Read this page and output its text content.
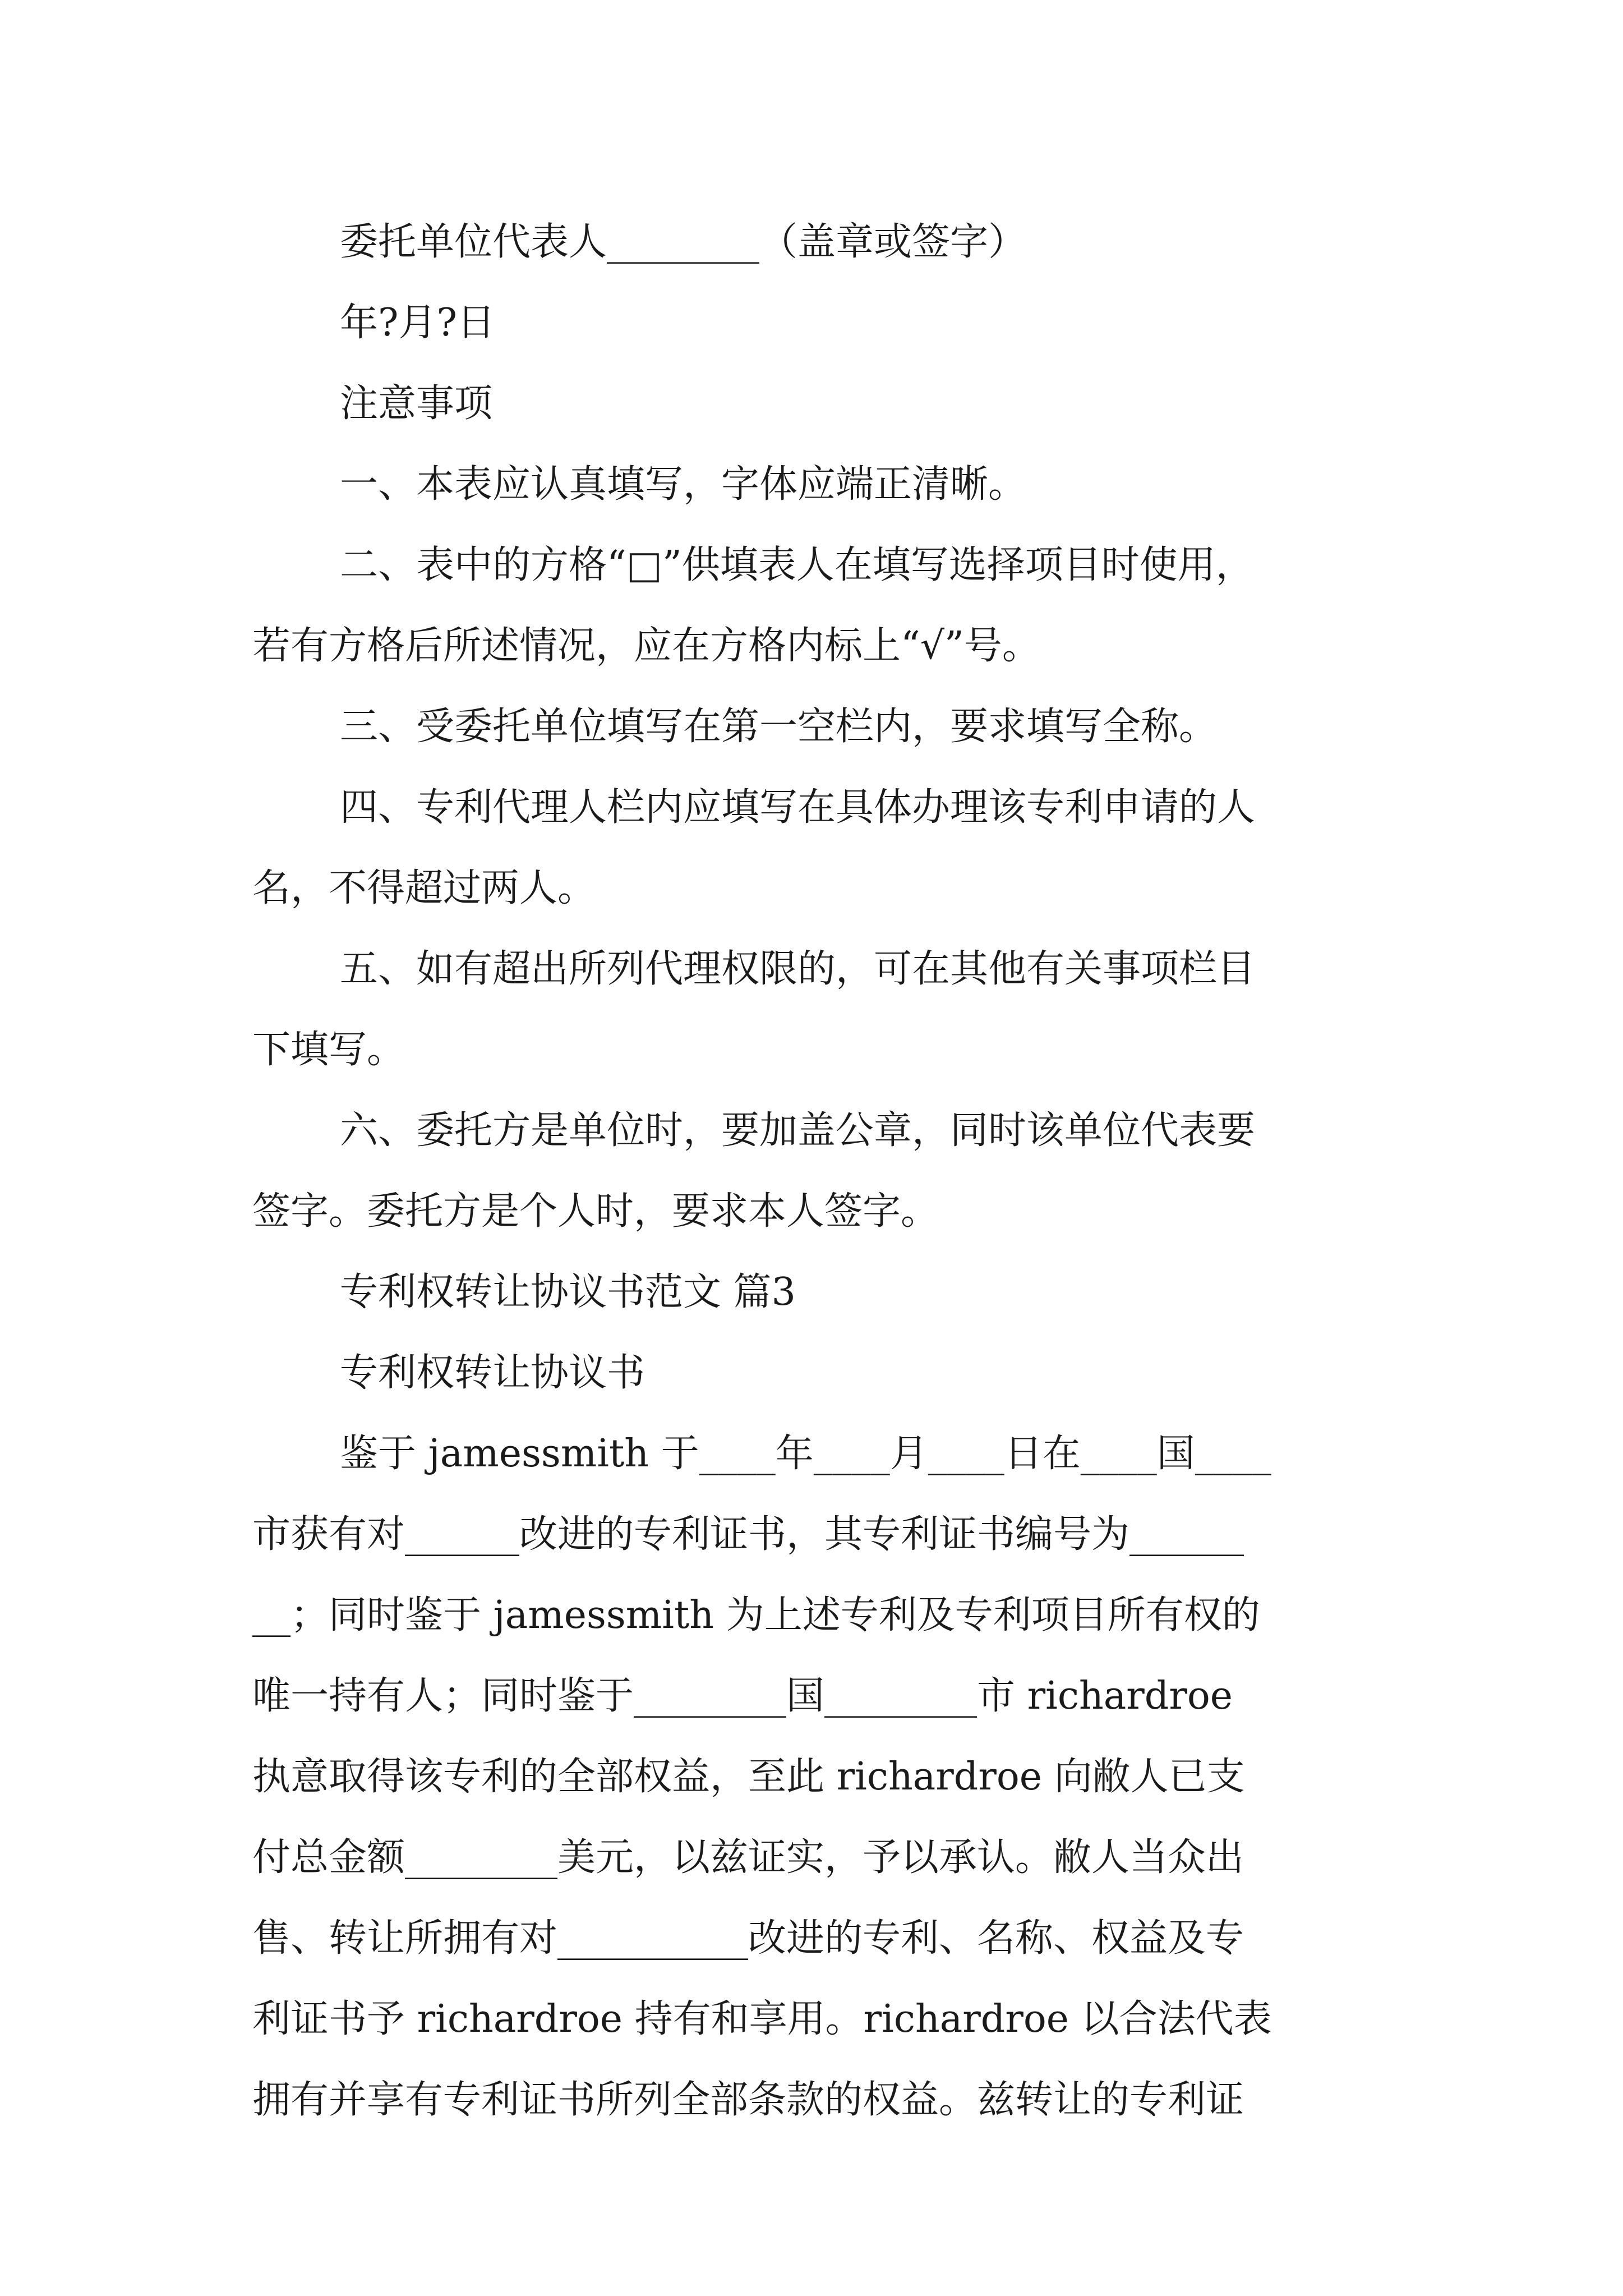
委托单位代表人________（盖章或签字）
年?月?日
注意事项
一、本表应认真填写，字体应端正清晰。
二、表中的方格“□”供填表人在填写选择项目时使用，
若有方格后所述情况，应在方格内标上“√”号。
三、受委托单位填写在第一空栏内，要求填写全称。
四、专利代理人栏内应填写在具体办理该专利申请的人
名，不得超过两人。
五、如有超出所列代理权限的，可在其他有关事项栏目
下填写。
六、委托方是单位时，要加盖公章，同时该单位代表要
签字。委托方是个人时，要求本人签字。
专利权转让协议书范文 篇3
专利权转让协议书
鉴于 jamessmith 于____年____月____日在____国____
市获有对______改进的专利证书，其专利证书编号为______
__；同时鉴于 jamessmith 为上述专利及专利项目所有权的
唯一持有人；同时鉴于________国________市 richardroe
执意取得该专利的全部权益，至此 richardroe 向敝人已支
付总金额________美元，以兹证实，予以承认。敝人当众出
售、转让所拥有对__________改进的专利、名称、权益及专
利证书予 richardroe 持有和享用。richardroe 以合法代表
拥有并享有专利证书所列全部条款的权益。兹转让的专利证
